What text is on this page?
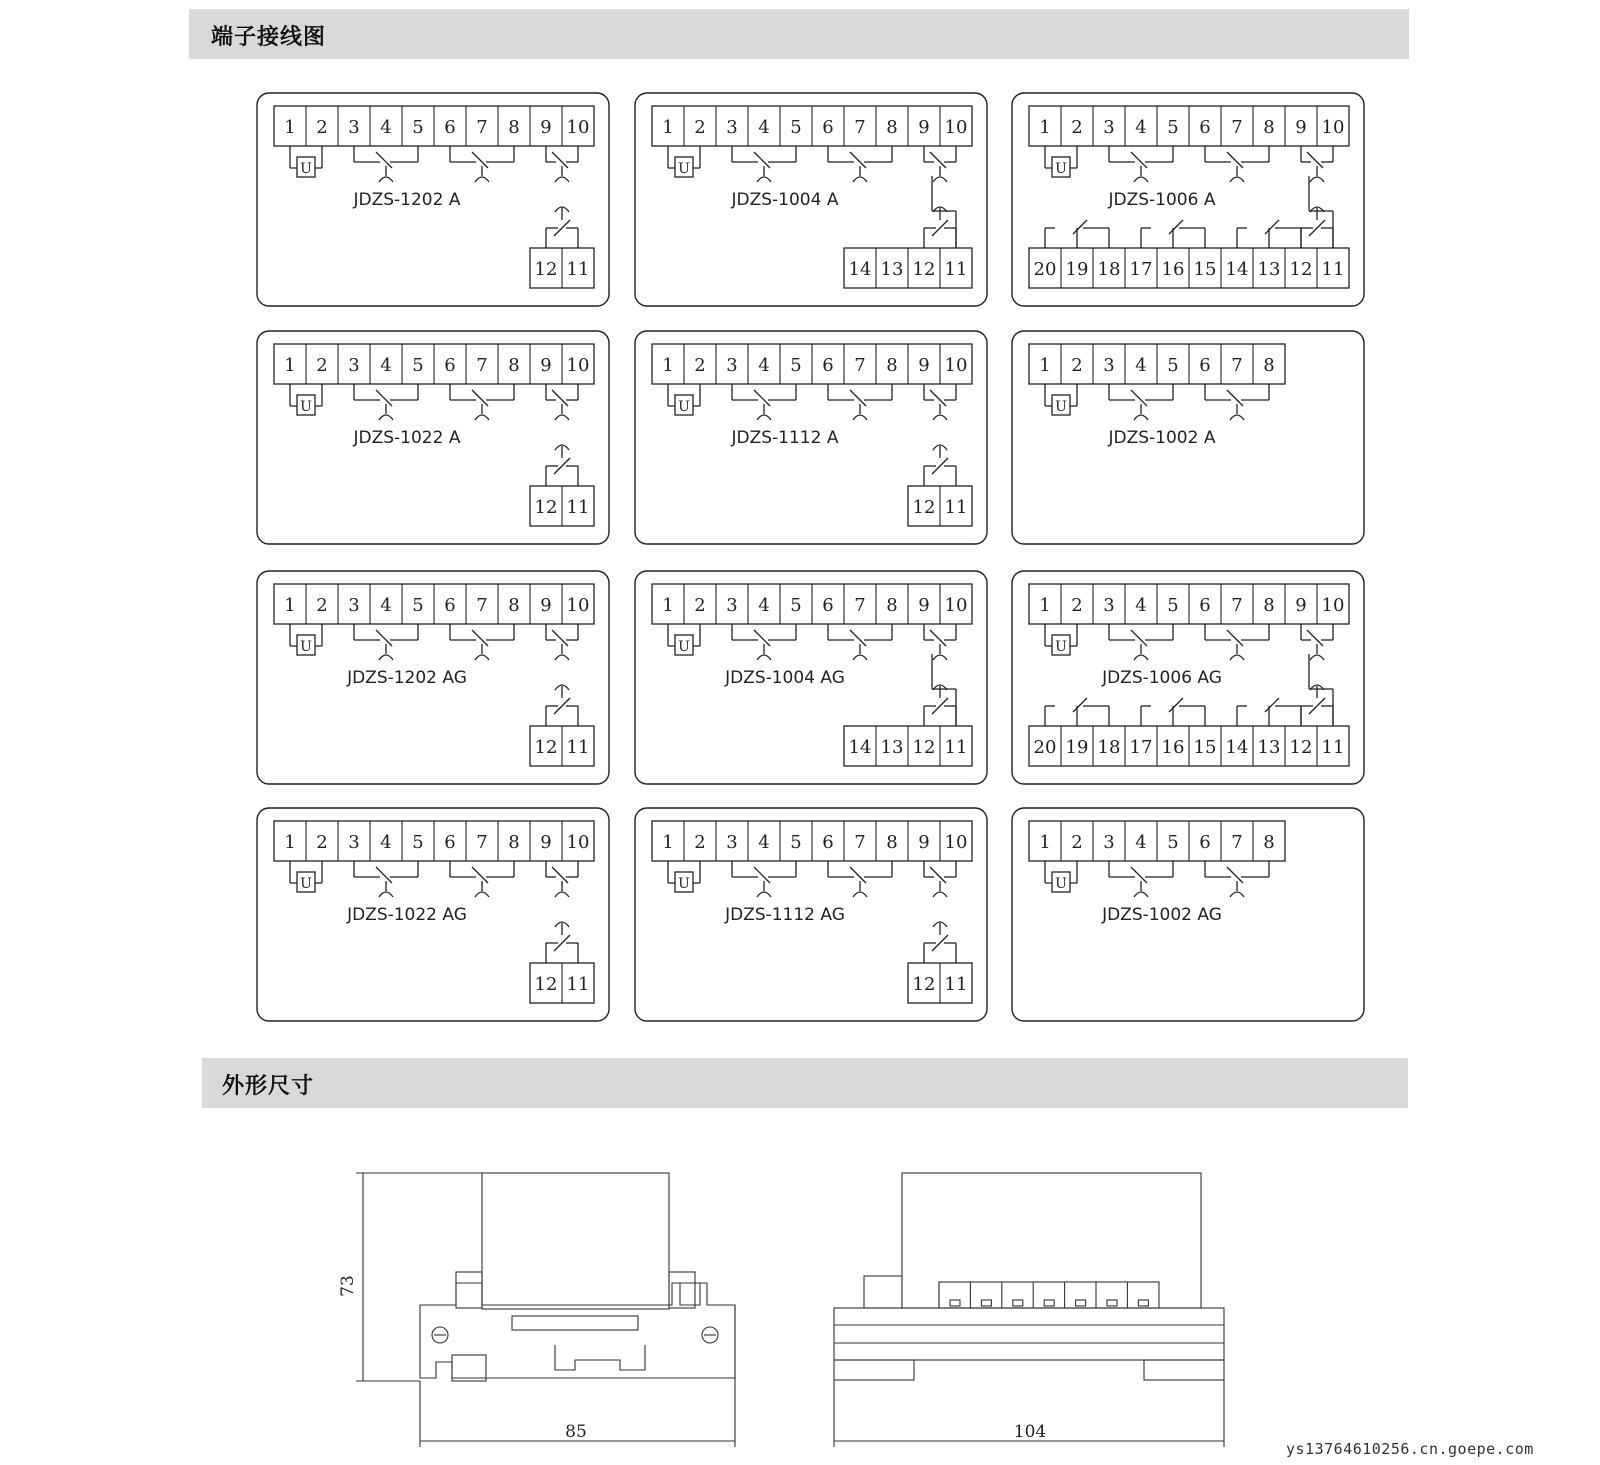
端子接线图
1 2 3 4 5 6 7 8 9 10
U
JDZS-1202 A
12 11
1 2 3 4 5 6 7 8 9 10
U
JDZS-1004 A
14 13 12 11
1 2 3 4 5 6 7 8 9 10
U
JDZS-1006 A
20 19 18 17 16 15 14 13 12 11
1 2 3 4 5 6 7 8 9 10
U
JDZS-1022 A
12 11
1 2 3 4 5 6 7 8 9 10
U
JDZS-1112 A
12 11
1 2 3 4 5 6 7 8
U
JDZS-1002 A
1 2 3 4 5 6 7 8 9 10
U
JDZS-1202 AG
12 11
1 2 3 4 5 6 7 8 9 10
U
JDZS-1004 AG
14 13 12 11
1 2 3 4 5 6 7 8 9 10
U
JDZS-1006 AG
20 19 18 17 16 15 14 13 12 11
1 2 3 4 5 6 7 8 9 10
U
JDZS-1022 AG
12 11
1 2 3 4 5 6 7 8 9 10
U
JDZS-1112 AG
12 11
1 2 3 4 5 6 7 8
U
JDZS-1002 AG
外形尺寸
73
85	104
ys13764610256.cn.goepe.com
